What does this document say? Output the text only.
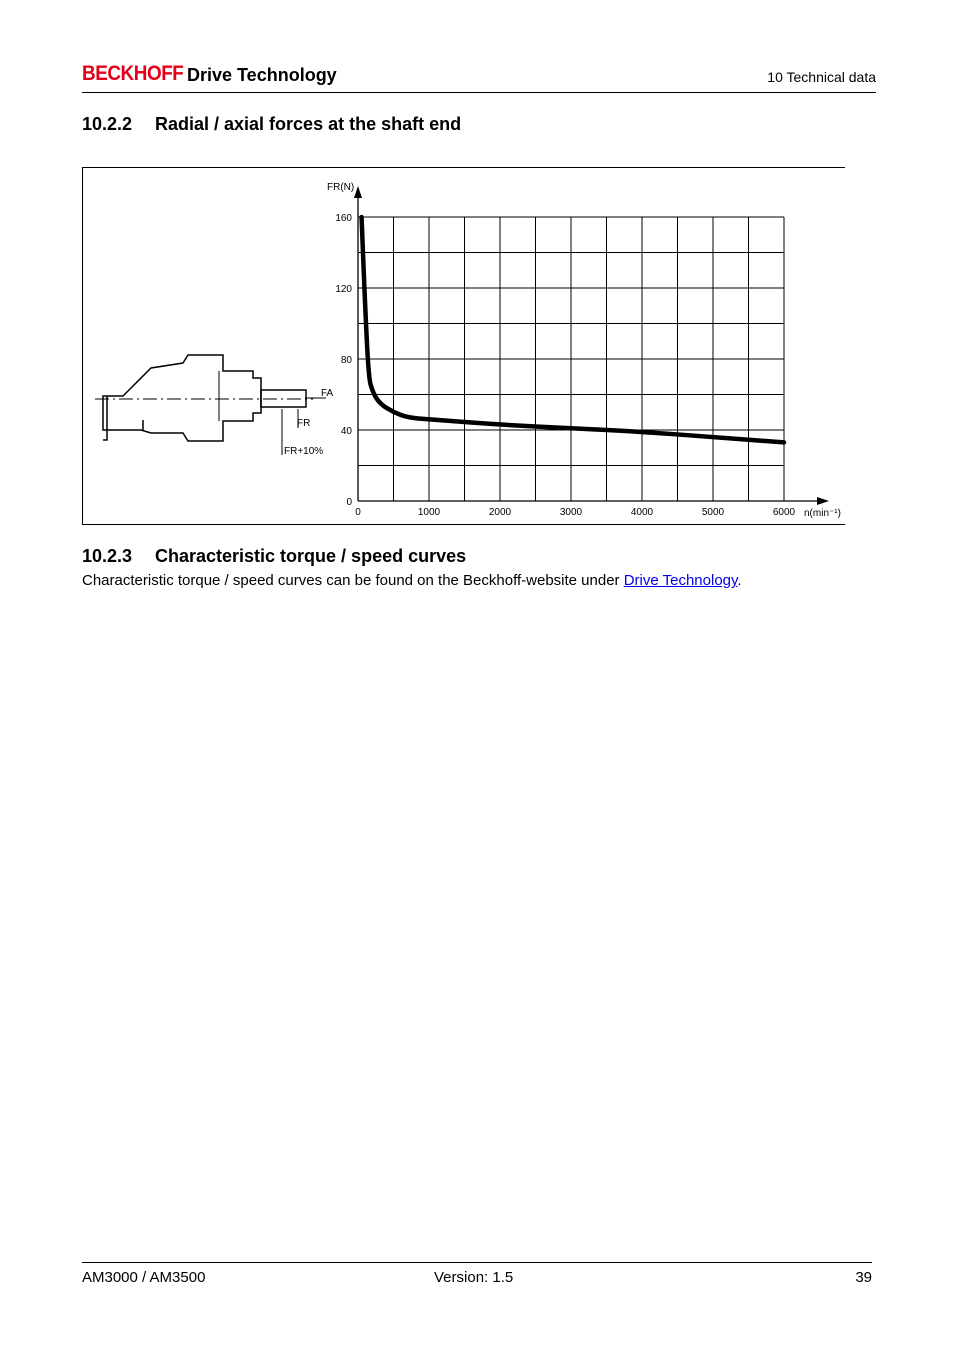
BECKHOFF Drive Technology	10 Technical data
10.2.2 Radial / axial forces at the shaft end
FA
FR
FR+10%
0	1000	2000	3000	4000	5000	6000
0
40
80
120
160
FR(N)
n(min⁻¹)
10.2.3 Characteristic torque / speed curves
Characteristic torque / speed curves can be found on the Beckhoff-website under Drive Technology.
AM3000 / AM3500	Version: 1.5	39
